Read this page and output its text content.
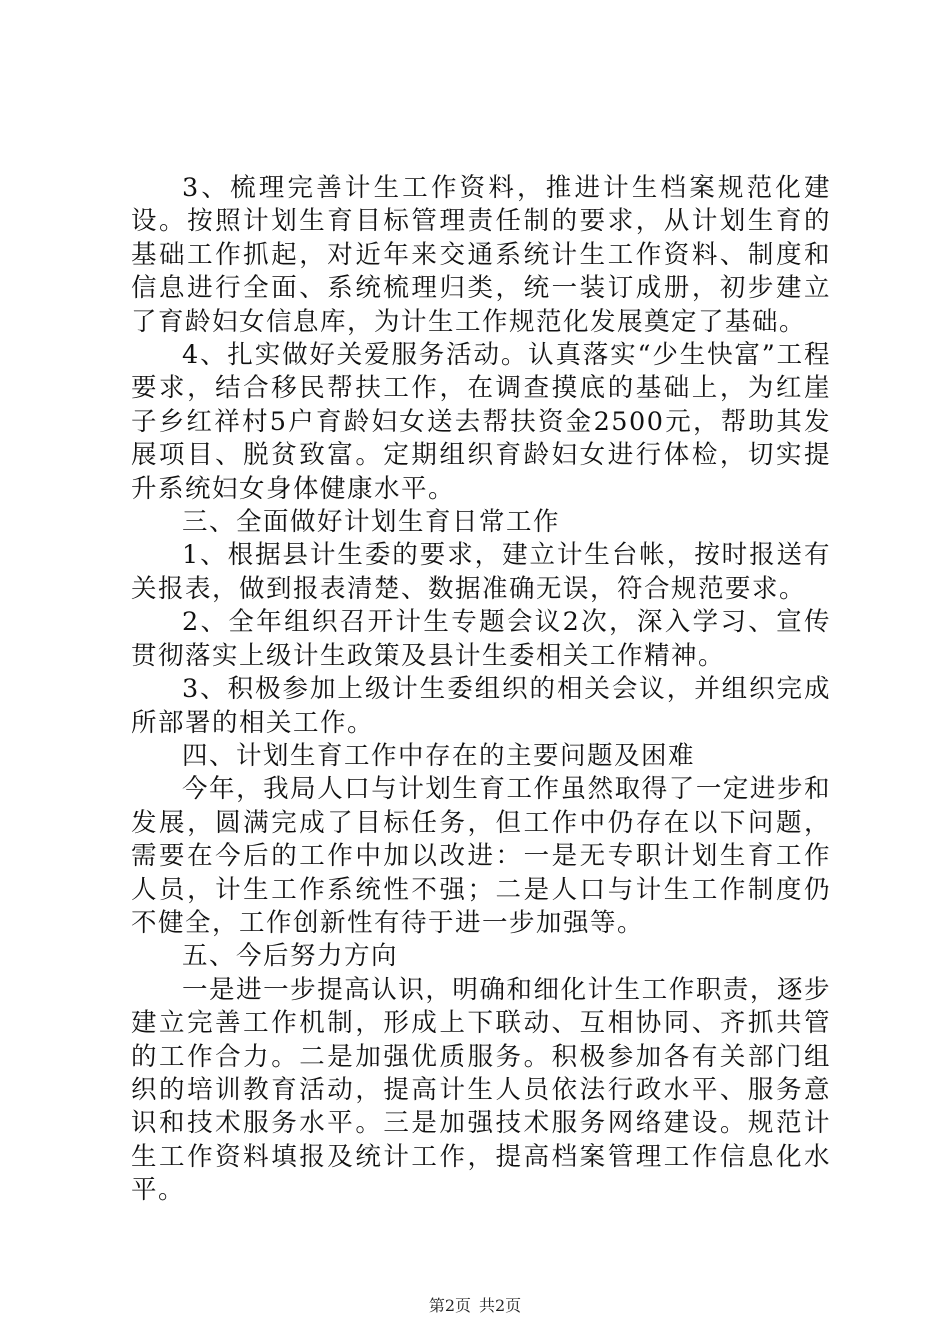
3、梳理完善计生工作资料，推进计生档案规范化建设。按照计划生育目标管理责任制的要求，从计划生育的基础工作抓起，对近年来交通系统计生工作资料、制度和信息进行全面、系统梳理归类，统一装订成册，初步建立了育龄妇女信息库，为计生工作规范化发展奠定了基础。

4、扎实做好关爱服务活动。认真落实“少生快富”工程要求，结合移民帮扶工作，在调查摸底的基础上，为红崖子乡红祥村5户育龄妇女送去帮扶资金2500元，帮助其发展项目、脱贫致富。定期组织育龄妇女进行体检，切实提升系统妇女身体健康水平。

三、全面做好计划生育日常工作

1、根据县计生委的要求，建立计生台帐，按时报送有关报表，做到报表清楚、数据准确无误，符合规范要求。

2、全年组织召开计生专题会议2次，深入学习、宣传贯彻落实上级计生政策及县计生委相关工作精神。

3、积极参加上级计生委组织的相关会议，并组织完成所部署的相关工作。

四、计划生育工作中存在的主要问题及困难

今年，我局人口与计划生育工作虽然取得了一定进步和发展，圆满完成了目标任务，但工作中仍存在以下问题，需要在今后的工作中加以改进：一是无专职计划生育工作人员，计生工作系统性不强；二是人口与计生工作制度仍不健全，工作创新性有待于进一步加强等。

五、今后努力方向

一是进一步提高认识，明确和细化计生工作职责，逐步建立完善工作机制，形成上下联动、互相协同、齐抓共管的工作合力。二是加强优质服务。积极参加各有关部门组织的培训教育活动，提高计生人员依法行政水平、服务意识和技术服务水平。三是加强技术服务网络建设。规范计生工作资料填报及统计工作，提高档案管理工作信息化水平。

第2页 共2页
